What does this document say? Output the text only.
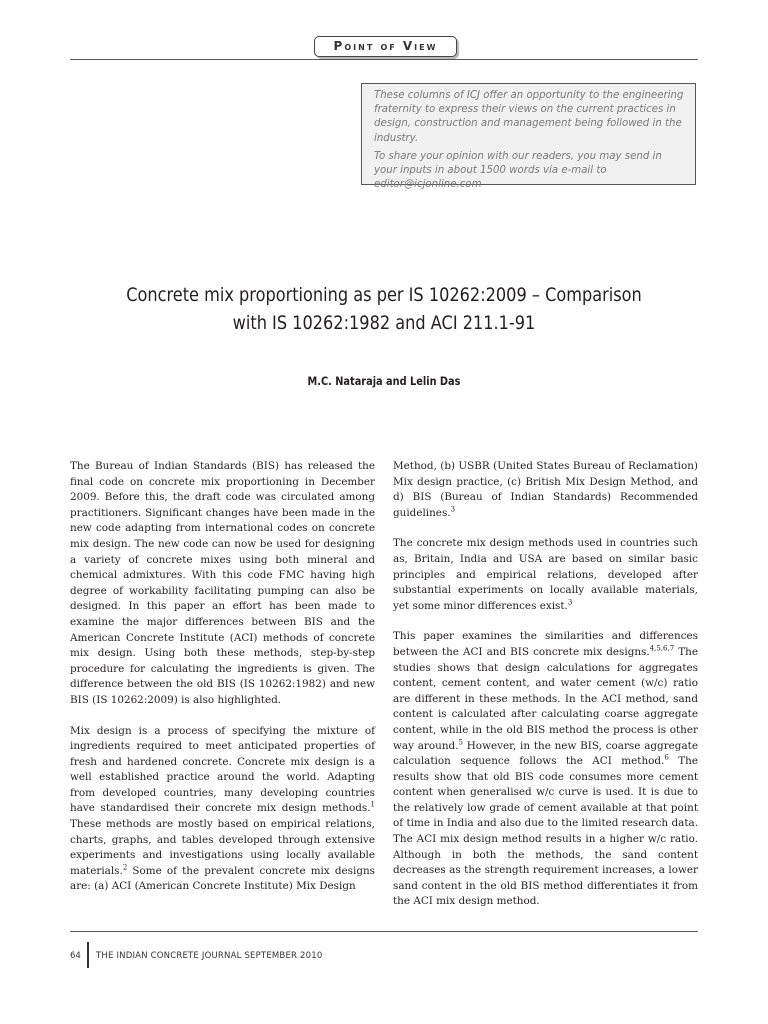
Point of View

These columns of ICJ offer an opportunity to the engineering fraternity to express their views on the current practices in design, construction and management being followed in the industry.

To share your opinion with our readers, you may send in your inputs in about 1500 words via e-mail to editor@icjonline.com

Concrete mix proportioning as per IS 10262:2009 – Comparison
with IS 10262:1982 and ACI 211.1-91
M.C. Nataraja and Lelin Das

The Bureau of Indian Standards (BIS) has released the final code on concrete mix proportioning in December 2009. Before this, the draft code was circulated among practitioners. Significant changes have been made in the new code adapting from international codes on concrete mix design. The new code can now be used for designing a variety of concrete mixes using both mineral and chemical admixtures. With this code FMC having high degree of workability facilitating pumping can also be designed. In this paper an effort has been made to examine the major differences between BIS and the American Concrete Institute (ACI) methods of concrete mix design. Using both these methods, step-by-step procedure for calculating the ingredients is given. The difference between the old BIS (IS 10262:1982) and new BIS (IS 10262:2009) is also highlighted.

Mix design is a process of specifying the mixture of ingredients required to meet anticipated properties of fresh and hardened concrete. Concrete mix design is a well established practice around the world. Adapting from developed countries, many developing countries have standardised their concrete mix design methods.$^1$ These methods are mostly based on empirical relations, charts, graphs, and tables developed through extensive experiments and investigations using locally available materials.$^2$ Some of the prevalent concrete mix designs are: (a) ACI (American Concrete Institute) Mix Design

Method, (b) USBR (United States Bureau of Reclamation) Mix design practice, (c) British Mix Design Method, and d) BIS (Bureau of Indian Standards) Recommended guidelines.$^3$

The concrete mix design methods used in countries such as, Britain, India and USA are based on similar basic principles and empirical relations, developed after substantial experiments on locally available materials, yet some minor differences exist.$^3$

This paper examines the similarities and differences between the ACI and BIS concrete mix designs.$^{4,5,6,7}$ The studies shows that design calculations for aggregates content, cement content, and water cement (w/c) ratio are different in these methods. In the ACI method, sand content is calculated after calculating coarse aggregate content, while in the old BIS method the process is other way around.$^5$ However, in the new BIS, coarse aggregate calculation sequence follows the ACI method.$^6$ The results show that old BIS code consumes more cement content when generalised w/c curve is used. It is due to the relatively low grade of cement available at that point of time in India and also due to the limited research data. The ACI mix design method results in a higher w/c ratio. Although in both the methods, the sand content decreases as the strength requirement increases, a lower sand content in the old BIS method differentiates it from the ACI mix design method.

64 THE INDIAN CONCRETE JOURNAL SEPTEMBER 2010
